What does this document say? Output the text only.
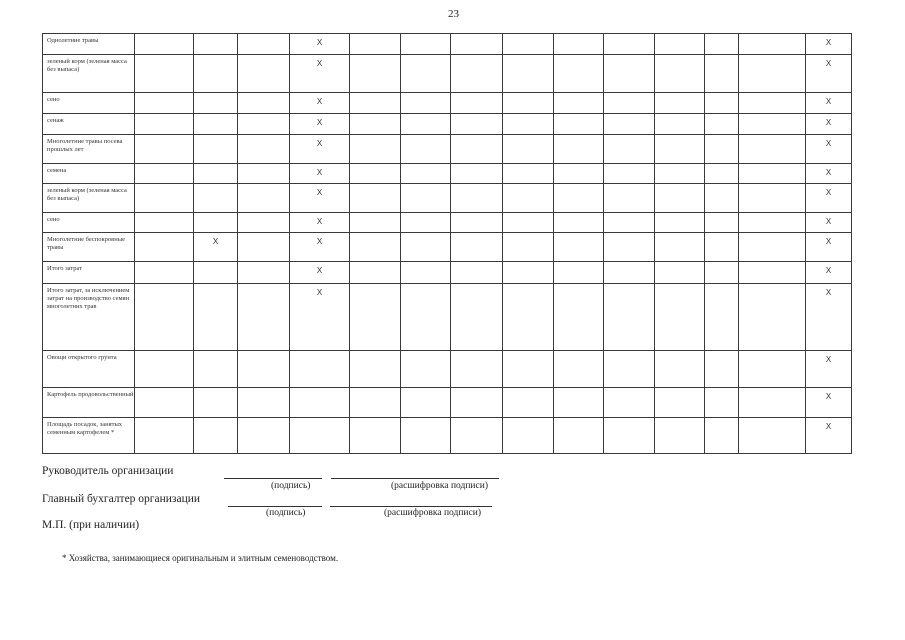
23
Однолетние травы				X										X
зеленый корм (зеленая масса без выпаса)				X										X
сено				X										X
сенаж				X										X
Многолетние травы посева прошлых лет				X										X
семена				X										X
зеленый корм (зеленая масса без выпаса)				X										X
сено				X										X
Многолетние беспокровные травы		X		X										X
Итого затрат				X										X
Итого затрат, за исключением затрат на производство семян многолетних трав				X										X
Овощи открытого грунта														X
Картофель продовольственный														X
Площадь посадок, занятых семенным картофелем *														X
Руководитель организации
(подпись)	(расшифровка подписи)
Главный бухгалтер организации
(подпись)	(расшифровка подписи)
М.П. (при наличии)
* Хозяйства, занимающиеся оригинальным и элитным семеноводством.
